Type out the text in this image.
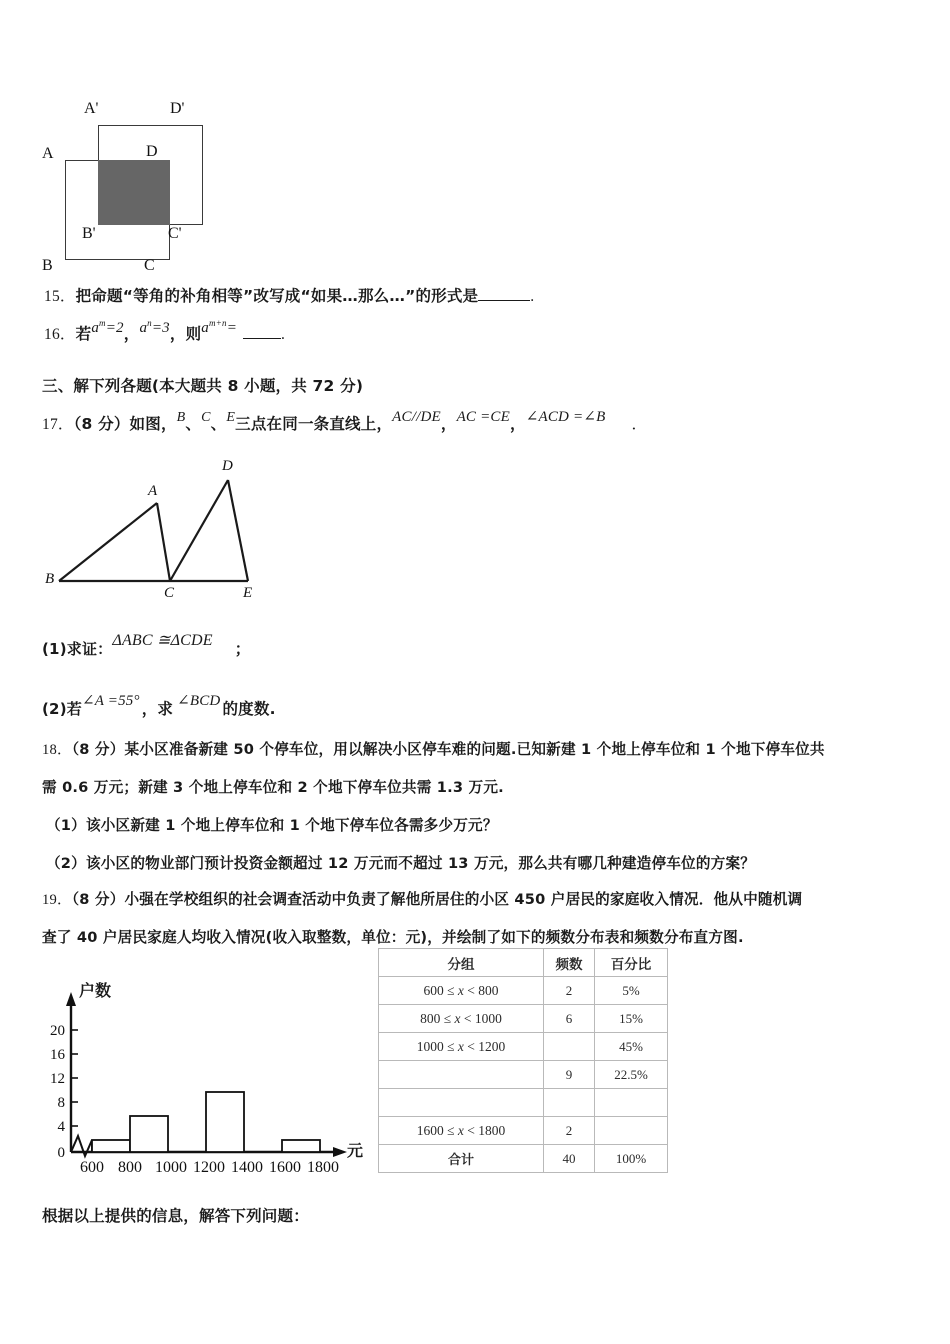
A'	D'
A	D
B'	C'
B	C
15．把命题“等角的补角相等”改写成“如果…那么…”的形式是	.
16．若$a^m=2$，$a^n=3$，则$a^{m+n}=$	.
三、解下列各题(本大题共 8 小题，共 72 分)
17．（8 分）如图，B、C、E三点在同一条直线上，AC//DE，AC =CE，∠ACD =∠B ．
A
B
C
D
E
(1)求证：ΔABC ≅ΔCDE ；
(2)若∠A =55° ，求 ∠BCD 的度数.
18．（8 分）某小区准备新建 50 个停车位，用以解决小区停车难的问题.已知新建 1 个地上停车位和 1 个地下停车位共
需 0.6 万元；新建 3 个地上停车位和 2 个地下停车位共需 1.3 万元.
（1）该小区新建 1 个地上停车位和 1 个地下停车位各需多少万元？
（2）该小区的物业部门预计投资金额超过 12 万元而不超过 13 万元，那么共有哪几种建造停车位的方案？
19．（8 分）小强在学校组织的社会调查活动中负责了解他所居住的小区 450 户居民的家庭收入情况．他从中随机调
查了 40 户居民家庭人均收入情况(收入取整数，单位：元)，并绘制了如下的频数分布表和频数分布直方图.
0
4
8
12
16
20
600 800 1000 1200 1400 1600 1800
户数
元
分组	频数	百分比
600 ≤ x < 800	2	5%
800 ≤ x < 1000	6	15%
1000 ≤ x < 1200		45%
	9	22.5%

1600 ≤ x < 1800	2	
合计	40	100%
根据以上提供的信息，解答下列问题：
